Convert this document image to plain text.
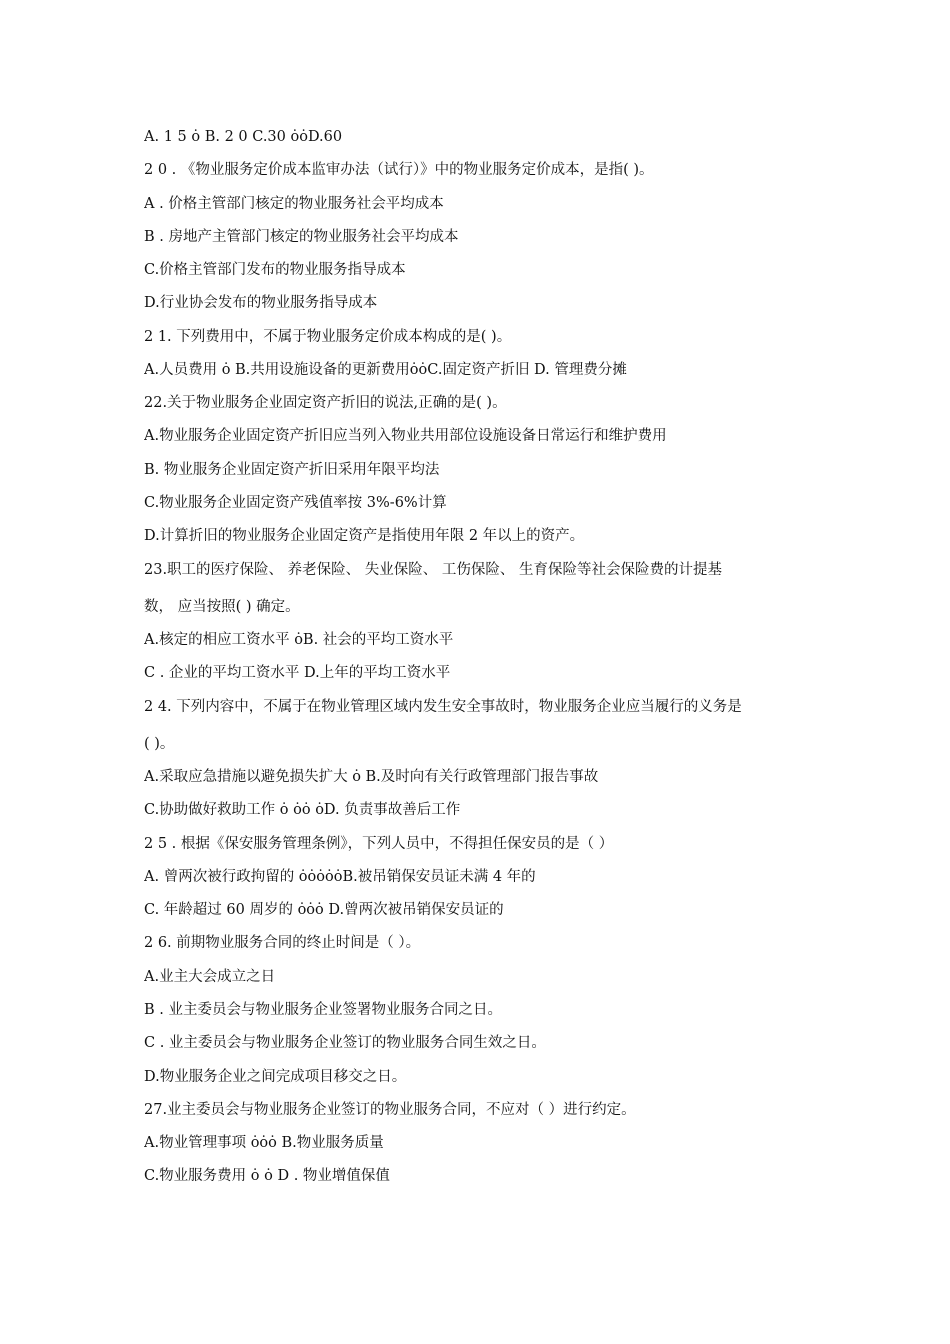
A. 1 5 ȯ B. 2 0 C.30 ȯȯD.60
2 0 . 《物业服务定价成本监审办法（试行）》中的物业服务定价成本，是指( )。
A . 价格主管部门核定的物业服务社会平均成本
B . 房地产主管部门核定的物业服务社会平均成本
C.价格主管部门发布的物业服务指导成本
D.行业协会发布的物业服务指导成本
2 1. 下列费用中，不属于物业服务定价成本构成的是( )。
A.人员费用 ȯ B.共用设施设备的更新费用ȯȯC.固定资产折旧 D. 管理费分摊
22.关于物业服务企业固定资产折旧的说法,正确的是( )。
A.物业服务企业固定资产折旧应当列入物业共用部位设施设备日常运行和维护费用
B. 物业服务企业固定资产折旧采用年限平均法
C.物业服务企业固定资产残值率按 3%-6%计算
D.计算折旧的物业服务企业固定资产是指使用年限 2 年以上的资产。
23.职工的医疗保险、 养老保险、 失业保险、 工伤保险、 生育保险等社会保险费的计提基
数， 应当按照( ) 确定。
A.核定的相应工资水平 ȯB. 社会的平均工资水平
C . 企业的平均工资水平 D.上年的平均工资水平
2 4. 下列内容中，不属于在物业管理区域内发生安全事故时，物业服务企业应当履行的义务是
( )。
A.采取应急措施以避免损失扩大 ȯ B.及时向有关行政管理部门报告事故
C.协助做好救助工作 ȯ ȯȯ ȯD. 负责事故善后工作
2 5 . 根据《保安服务管理条例》，下列人员中，不得担任保安员的是（ ）
A. 曾两次被行政拘留的 ȯȯȯȯȯB.被吊销保安员证未满 4 年的
C. 年龄超过 60 周岁的 ȯȯȯ D.曾两次被吊销保安员证的
2 6. 前期物业服务合同的终止时间是（ ）。
A.业主大会成立之日
B . 业主委员会与物业服务企业签署物业服务合同之日。
C . 业主委员会与物业服务企业签订的物业服务合同生效之日。
D.物业服务企业之间完成项目移交之日。
27.业主委员会与物业服务企业签订的物业服务合同，不应对（ ）进行约定。
A.物业管理事项 ȯȯȯ B.物业服务质量
C.物业服务费用 ȯ ȯ D . 物业增值保值
